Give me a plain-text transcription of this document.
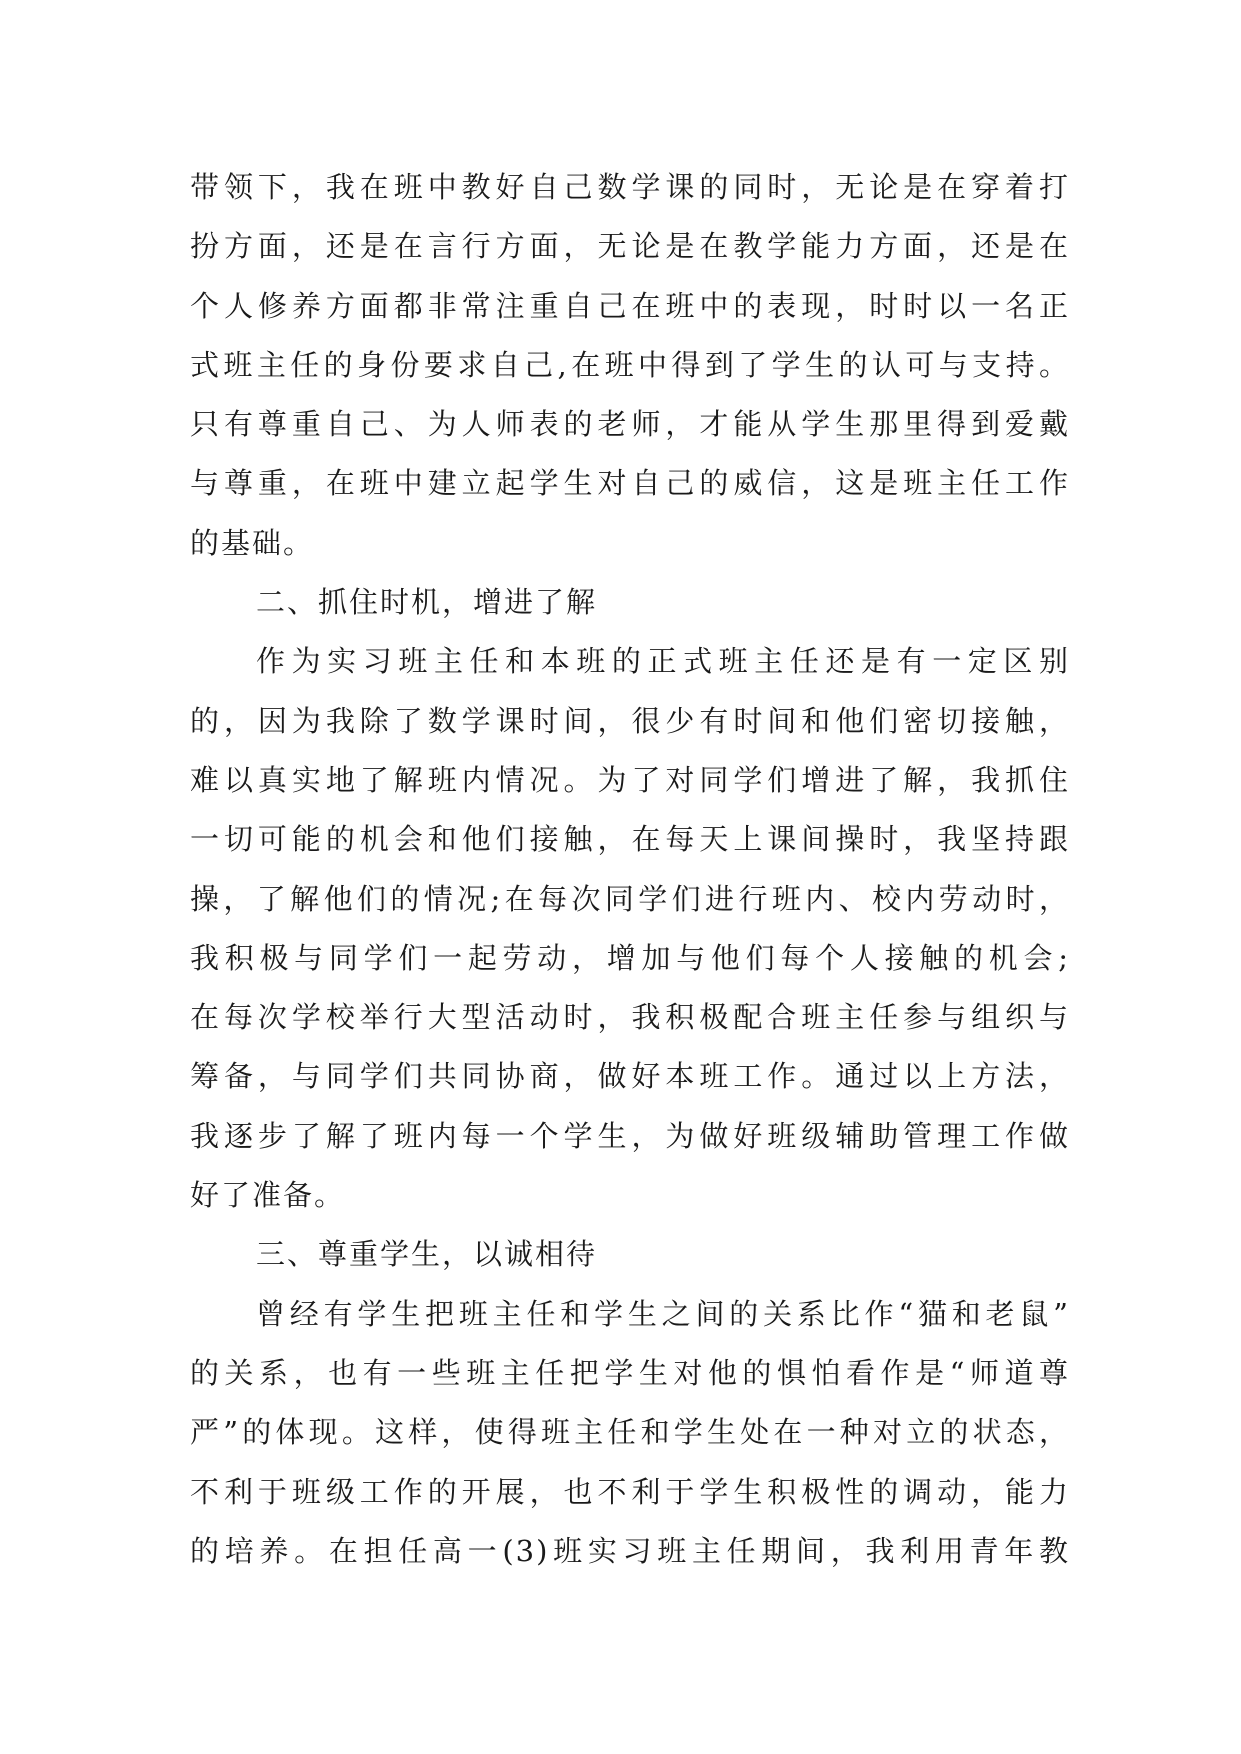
带领下，我在班中教好自己数学课的同时，无论是在穿着打
扮方面，还是在言行方面，无论是在教学能力方面，还是在
个人修养方面都非常注重自己在班中的表现，时时以一名正
式班主任的身份要求自己,在班中得到了学生的认可与支持。
只有尊重自己、为人师表的老师，才能从学生那里得到爱戴
与尊重，在班中建立起学生对自己的威信，这是班主任工作
的基础。
二、抓住时机，增进了解
作为实习班主任和本班的正式班主任还是有一定区别
的，因为我除了数学课时间，很少有时间和他们密切接触，
难以真实地了解班内情况。为了对同学们增进了解，我抓住
一切可能的机会和他们接触，在每天上课间操时，我坚持跟
操，了解他们的情况;在每次同学们进行班内、校内劳动时，
我积极与同学们一起劳动，增加与他们每个人接触的机会;
在每次学校举行大型活动时，我积极配合班主任参与组织与
筹备，与同学们共同协商，做好本班工作。通过以上方法，
我逐步了解了班内每一个学生，为做好班级辅助管理工作做
好了准备。
三、尊重学生，以诚相待
曾经有学生把班主任和学生之间的关系比作“猫和老鼠”
的关系，也有一些班主任把学生对他的惧怕看作是“师道尊
严”的体现。这样，使得班主任和学生处在一种对立的状态，
不利于班级工作的开展，也不利于学生积极性的调动，能力
的培养。在担任高一(3)班实习班主任期间，我利用青年教
